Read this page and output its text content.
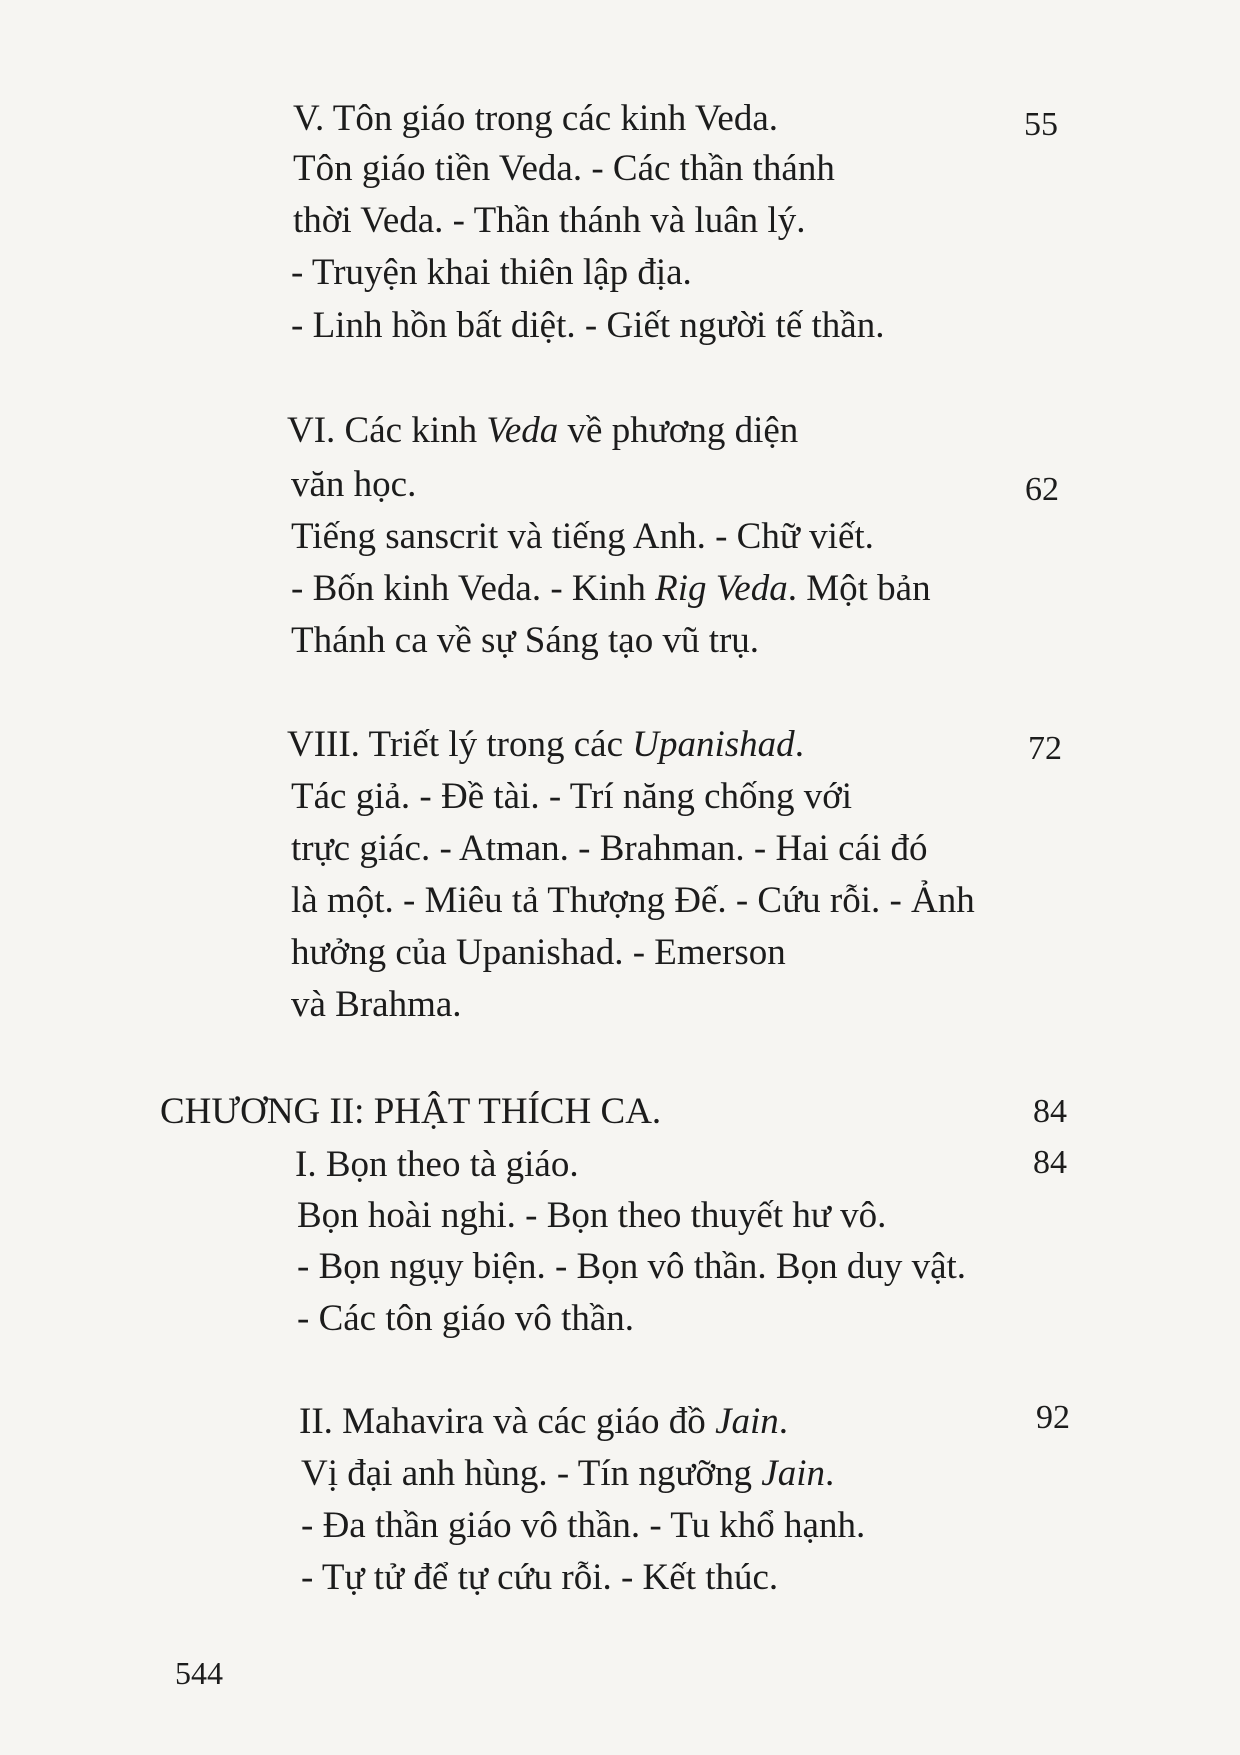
V. Tôn giáo trong các kinh Veda.	55
Tôn giáo tiền Veda. - Các thần thánh
thời Veda. - Thần thánh và luân lý.
- Truyện khai thiên lập địa.
- Linh hồn bất diệt. - Giết người tế thần.
VI. Các kinh Veda về phương diện
văn học.	62
Tiếng sanscrit và tiếng Anh. - Chữ viết.
- Bốn kinh Veda. - Kinh Rig Veda. Một bản
Thánh ca về sự Sáng tạo vũ trụ.
VIII. Triết lý trong các Upanishad.	72
Tác giả. - Đề tài. - Trí năng chống với
trực giác. - Atman. - Brahman. - Hai cái đó
là một. - Miêu tả Thượng Đế. - Cứu rỗi. - Ảnh
hưởng của Upanishad. - Emerson
và Brahma.
CHƯƠNG II: PHẬT THÍCH CA.	84
I. Bọn theo tà giáo.	84
Bọn hoài nghi. - Bọn theo thuyết hư vô.
- Bọn ngụy biện. - Bọn vô thần. Bọn duy vật.
- Các tôn giáo vô thần.
II. Mahavira và các giáo đồ Jain.	92
Vị đại anh hùng. - Tín ngưỡng Jain.
- Đa thần giáo vô thần. - Tu khổ hạnh.
- Tự tử để tự cứu rỗi. - Kết thúc.
544
